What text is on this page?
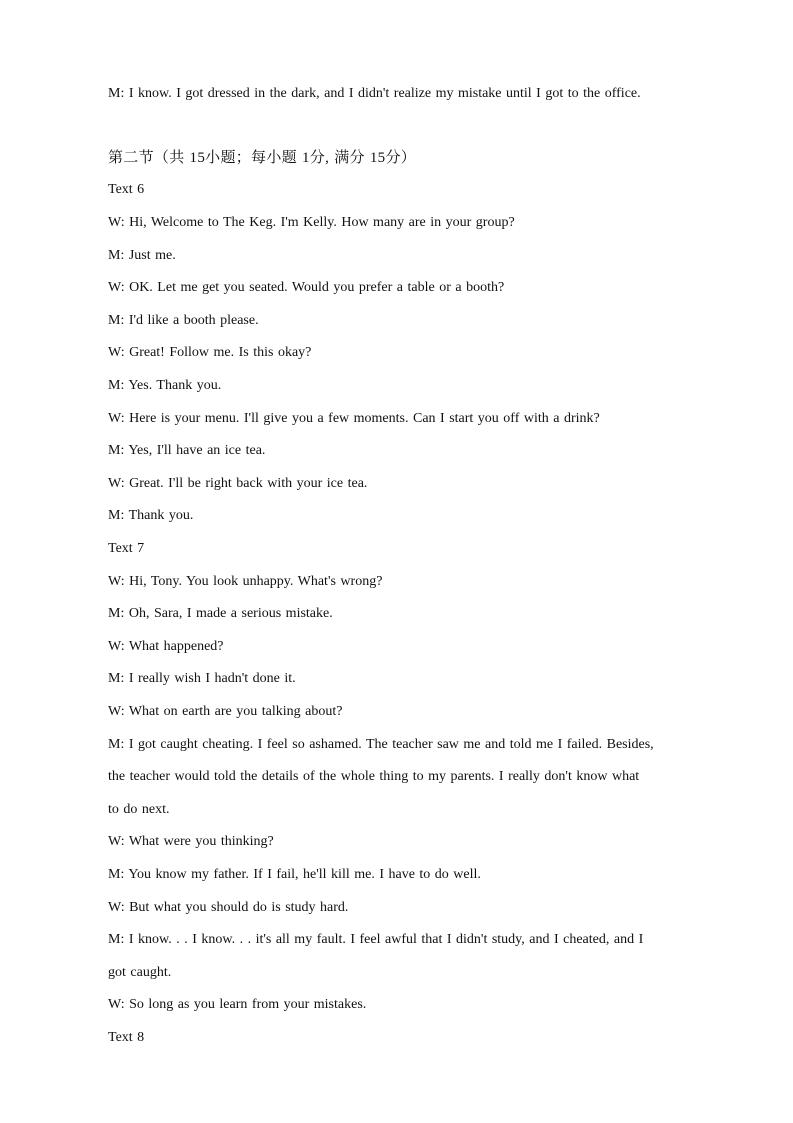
M: I know. I got dressed in the dark, and I didn't realize my mistake until I got to the office.
第二节（共 15小题；每小题 1分, 满分 15分）
Text 6
W: Hi, Welcome to The Keg. I'm Kelly. How many are in your group?
M: Just me.
W: OK. Let me get you seated. Would you prefer a table or a booth?
M: I'd like a booth please.
W: Great! Follow me. Is this okay?
M: Yes. Thank you.
W: Here is your menu. I'll give you a few moments. Can I start you off with a drink?
M: Yes, I'll have an ice tea.
W: Great. I'll be right back with your ice tea.
M: Thank you.
Text 7
W: Hi, Tony. You look unhappy. What's wrong?
M: Oh, Sara, I made a serious mistake.
W: What happened?
M: I really wish I hadn't done it.
W: What on earth are you talking about?
M: I got caught cheating. I feel so ashamed. The teacher saw me and told me I failed. Besides,
the teacher would told the details of the whole thing to my parents. I really don't know what
to do next.
W: What were you thinking?
M: You know my father. If I fail, he'll kill me. I have to do well.
W: But what you should do is study hard.
M: I know. . . I know. . . it's all my fault. I feel awful that I didn't study, and I cheated, and I
got caught.
W: So long as you learn from your mistakes.
Text 8
